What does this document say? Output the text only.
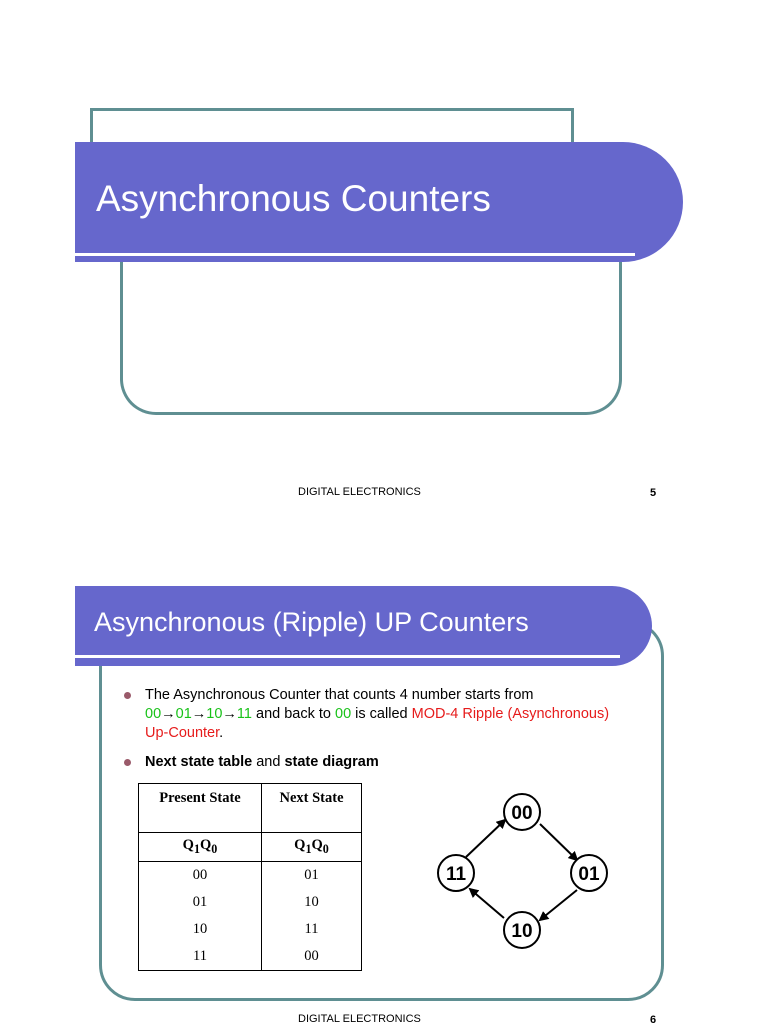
Asynchronous Counters
DIGITAL ELECTRONICS	5
Asynchronous (Ripple) UP Counters
The Asynchronous Counter that counts 4 number starts from
00→01→10→11 and back to 00 is called MOD-4 Ripple (Asynchronous)
Up-Counter.
Next state table and state diagram
Present State	Next State
$Q_1Q_0$	$Q_1Q_0$
00	01
01	10
10	11
11	00
00
01
10
11
DIGITAL ELECTRONICS	6
